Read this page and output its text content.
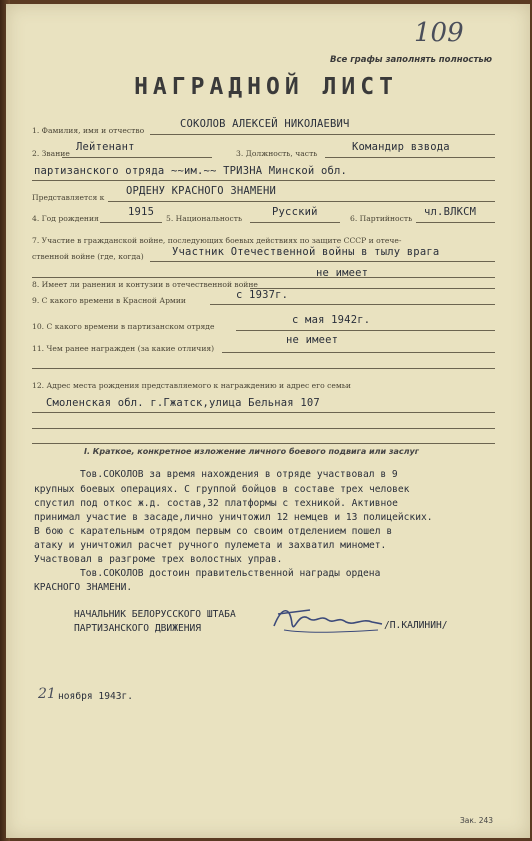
109
Все графы заполнять полностью
НАГРАДНОЙ ЛИСТ
1. Фамилия, имя и отчество
СОКОЛОВ АЛЕКСЕЙ НИКОЛАЕВИЧ
2. Звание
Лейтенант
3. Должность, часть
Командир взвода
партизанского отряда ~~им.~~ ТРИЗНА Минской обл.
Представляется к
ОРДЕНУ КРАСНОГО ЗНАМЕНИ
4. Год рождения
1915
5. Национальность
Русский
6. Партийность
чл.ВЛКСМ
7. Участие в гражданской войне, последующих боевых действиях по защите СССР и отече-
ственной войне (где, когда)	Участник Отечественной войны в тылу врага
8. Имеет ли ранения и контузии в отечественной войне
не имеет
9. С какого времени в Красной Армии	с 1937г.
10. С какого времени в партизанском отряде
с мая 1942г.
11. Чем ранее награжден (за какие отличия)
не имеет
12. Адрес места рождения представляемого к награждению и адрес его семьи
Смоленская обл. г.Гжатск,улица Бельная 107
I. Краткое, конкретное изложение личного боевого подвига или заслуг
Тов.СОКОЛОВ за время нахождения в отряде участвовал в 9
крупных боевых операциях. С группой бойцов в составе трех человек
спустил под откос ж.д. состав,32 платформы с техникой. Активное
принимал участие в засаде,лично уничтожил 12 немцев и 13 полицейских.
В бою с карательным отрядом первым со своим отделением пошел в
атаку и уничтожил расчет ручного пулемета и захватил миномет.
Участвовал в разгроме трех волостных управ.
Тов.СОКОЛОВ достоин правительственной награды ордена
КРАСНОГО ЗНАМЕНИ.
НАЧАЛЬНИК БЕЛОРУССКОГО ШТАБА
ПАРТИЗАНСКОГО ДВИЖЕНИЯ	/П.КАЛИНИН/
21 ноября 1943г.
Зак. 243
